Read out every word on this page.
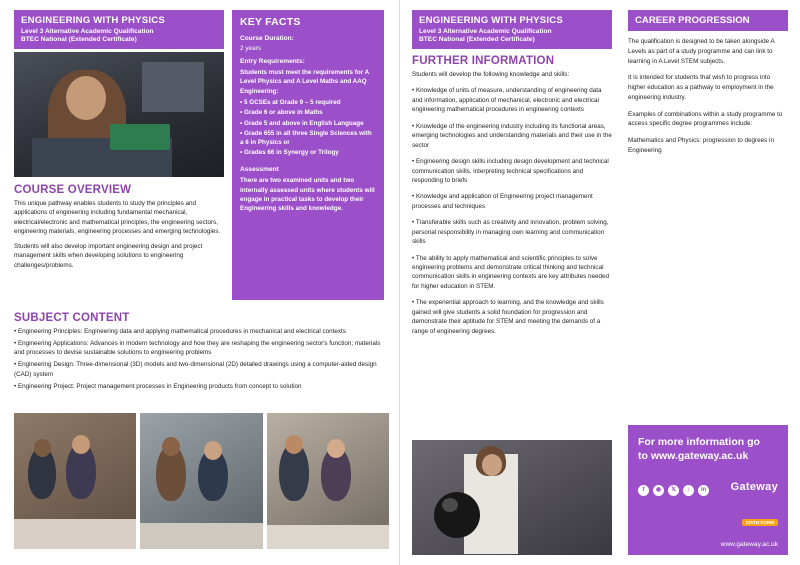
ENGINEERING WITH PHYSICS
Level 3 Alternative Academic Qualification
BTEC National (Extended Certificate)
COURSE OVERVIEW
This unique pathway enables students to study the principles and applications of engineering including fundamental mechanical, electrical/electronic and mathematical principles, the engineering sectors, engineering materials, engineering processes and emerging technologies.
Students will also develop important engineering design and project management skills when developing solutions to engineering challenges/problems.
KEY FACTS
Course Duration:
2 years
Entry Requirements:
Students must meet the requirements for A Level Physics and A Level Maths and AAQ Engineering:
• 5 GCSEs at Grade 9 – 5 required
• Grade 6 or above in Maths
• Grade 5 and above in English Language
• Grade 655 in all three Single Sciences with a 6 in Physics or
• Grades 66 in Synergy or Trilogy
Assessment
There are two examined units and two internally assessed units where students will engage in practical tasks to develop their Engineering skills and knowledge.
SUBJECT CONTENT
• Engineering Principles: Engineering data and applying mathematical procedures in mechanical and electrical contexts
• Engineering Applications: Advances in modern technology and how they are reshaping the engineering sector's function; materials and processes to devise sustainable solutions to engineering problems
• Engineering Design: Three-dimensional (3D) models and two-dimensional (2D) detailed drawings using a computer-aided design (CAD) system
• Engineering Project: Project management processes in Engineering products from concept to solution
ENGINEERING WITH PHYSICS
Level 3 Alternative Academic Qualification
BTEC National (Extended Certificate)
FURTHER INFORMATION
Students will develop the following knowledge and skills:
• Knowledge of units of measure, understanding of engineering data and information, application of mechanical, electronic and electrical engineering mathematical procedures in engineering contexts
• Knowledge of the engineering industry including its functional areas, emerging technologies and understanding materials and their use in the sector
• Engineering design skills including design development and technical communication skills, interpreting technical specifications and responding to briefs
• Knowledge and application of Engineering project management processes and techniques
• Transferable skills such as creativity and innovation, problem solving, personal responsibility in managing own learning and communication skills
• The ability to apply mathematical and scientific principles to solve engineering problems and demonstrate critical thinking and technical communication skills in engineering contexts are key attributes needed for higher education in STEM.
• The experiential approach to learning, and the knowledge and skills gained will give students a solid foundation for progression and demonstrate their aptitude for STEM and meeting the demands of a range of engineering degrees.
CAREER PROGRESSION

The qualification is designed to be taken alongside A Levels as part of a study programme and can link to learning in A Level STEM subjects.

It is intended for students that wish to progress into higher education as a pathway to employment in the engineering industry.

Examples of combinations within a study programme to access specific degree programmes include:

Mathematics and Physics: progression to degrees in Engineering

For more information go
to www.gateway.ac.uk
f	◉	𝕏	♪	in Gateway

SIXTH FORM
www.gateway.ac.uk
